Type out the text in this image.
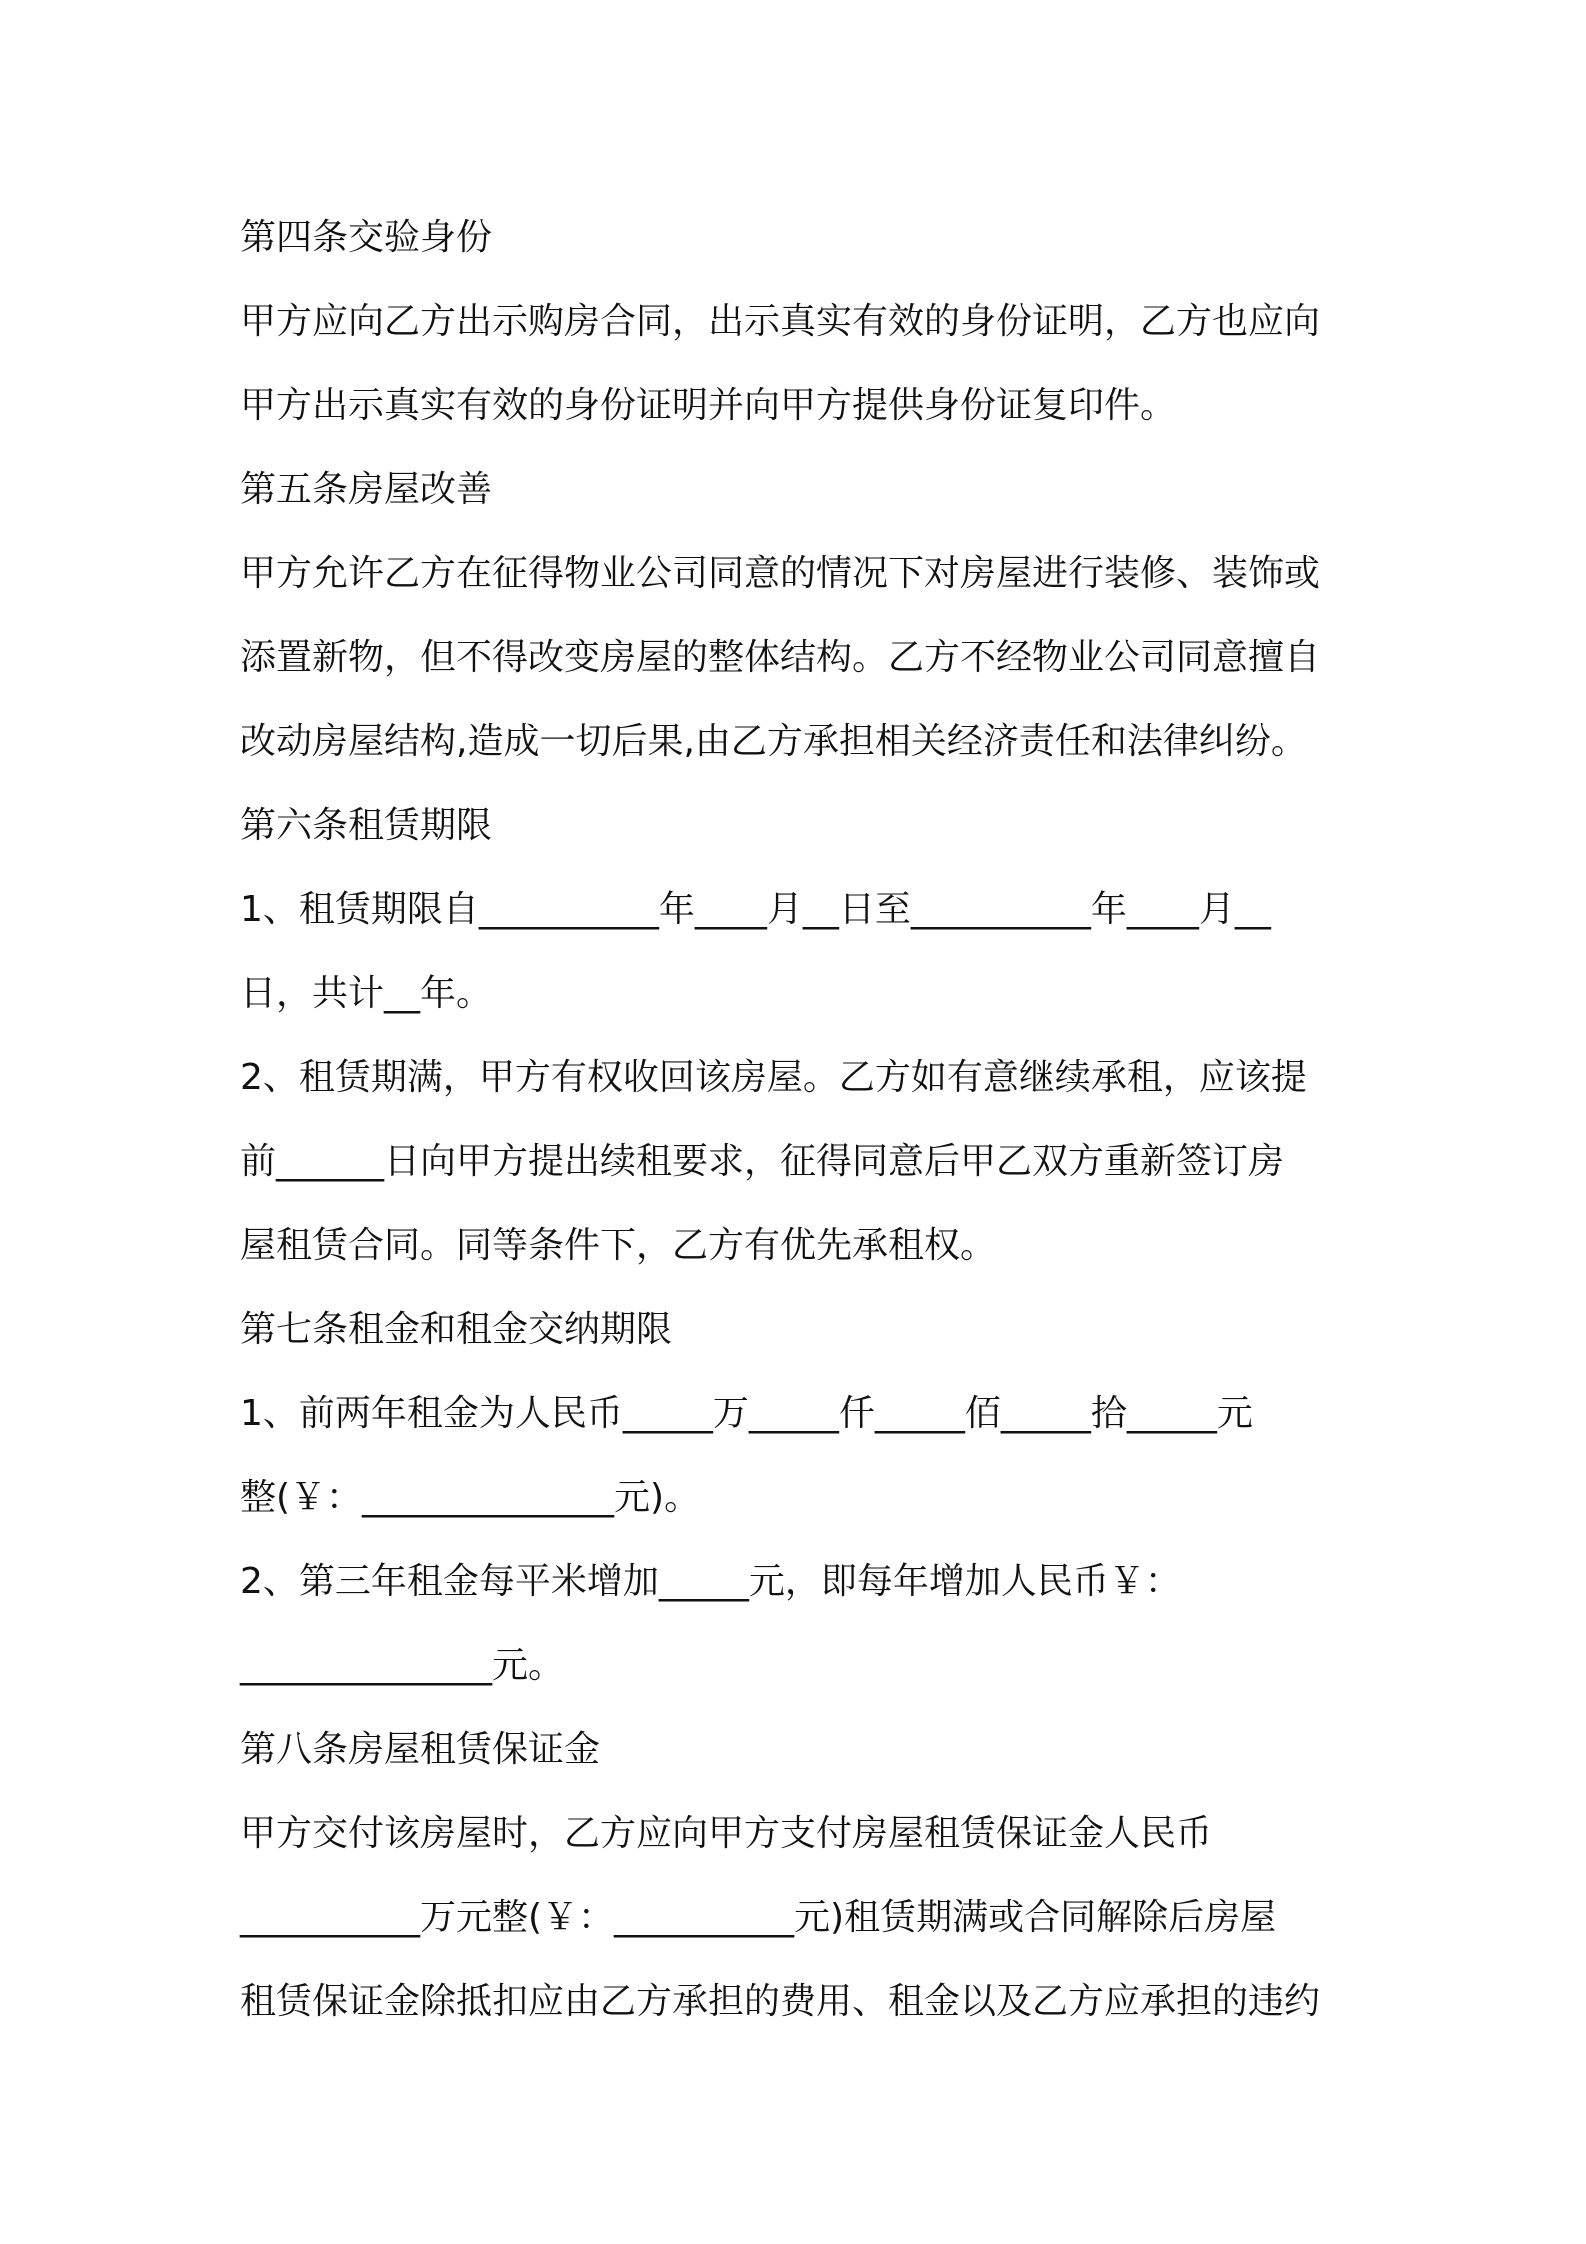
第四条交验身份
甲方应向乙方出示购房合同，出示真实有效的身份证明，乙方也应向
甲方出示真实有效的身份证明并向甲方提供身份证复印件。
第五条房屋改善
甲方允许乙方在征得物业公司同意的情况下对房屋进行装修、装饰或
添置新物，但不得改变房屋的整体结构。乙方不经物业公司同意擅自
改动房屋结构,造成一切后果,由乙方承担相关经济责任和法律纠纷。
第六条租赁期限
1、租赁期限自__________年____月__日至__________年____月__
日，共计__年。
2、租赁期满，甲方有权收回该房屋。乙方如有意继续承租，应该提
前______日向甲方提出续租要求，征得同意后甲乙双方重新签订房
屋租赁合同。同等条件下，乙方有优先承租权。
第七条租金和租金交纳期限
1、前两年租金为人民币_____万_____仟_____佰_____拾_____元
整(￥：______________元)。
2、第三年租金每平米增加_____元，即每年增加人民币￥：
______________元。
第八条房屋租赁保证金
甲方交付该房屋时，乙方应向甲方支付房屋租赁保证金人民币
__________万元整(￥：__________元)租赁期满或合同解除后房屋
租赁保证金除抵扣应由乙方承担的费用、租金以及乙方应承担的违约
